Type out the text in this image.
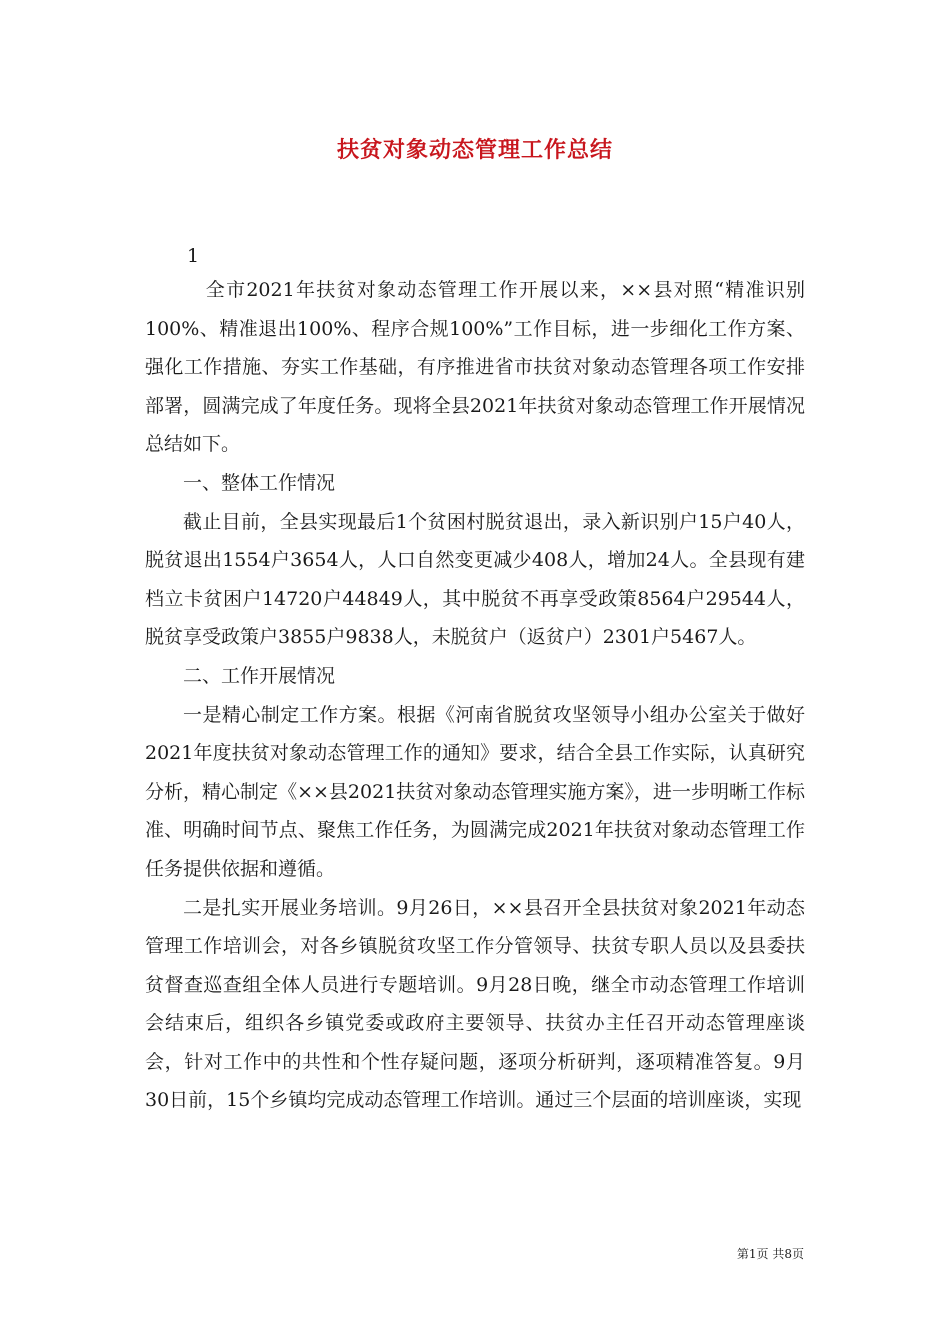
扶贫对象动态管理工作总结
1

全市2021年扶贫对象动态管理工作开展以来，××县对照“精准识别100%、精准退出100%、程序合规100%”工作目标，进一步细化工作方案、强化工作措施、夯实工作基础，有序推进省市扶贫对象动态管理各项工作安排部署，圆满完成了年度任务。现将全县2021年扶贫对象动态管理工作开展情况总结如下。

一、整体工作情况

截止目前，全县实现最后1个贫困村脱贫退出，录入新识别户15户40人，脱贫退出1554户3654人，人口自然变更减少408人，增加24人。全县现有建档立卡贫困户14720户44849人，其中脱贫不再享受政策8564户29544人，脱贫享受政策户3855户9838人，未脱贫户（返贫户）2301户5467人。

二、工作开展情况

一是精心制定工作方案。根据《河南省脱贫攻坚领导小组办公室关于做好2021年度扶贫对象动态管理工作的通知》要求，结合全县工作实际，认真研究分析，精心制定《××县2021扶贫对象动态管理实施方案》，进一步明晰工作标准、明确时间节点、聚焦工作任务，为圆满完成2021年扶贫对象动态管理工作任务提供依据和遵循。

二是扎实开展业务培训。9月26日，××县召开全县扶贫对象2021年动态管理工作培训会，对各乡镇脱贫攻坚工作分管领导、扶贫专职人员以及县委扶贫督查巡查组全体人员进行专题培训。9月28日晚，继全市动态管理工作培训会结束后，组织各乡镇党委或政府主要领导、扶贫办主任召开动态管理座谈会，针对工作中的共性和个性存疑问题，逐项分析研判，逐项精准答复。9月30日前，15个乡镇均完成动态管理工作培训。通过三个层面的培训座谈，实现

第1页 共8页
